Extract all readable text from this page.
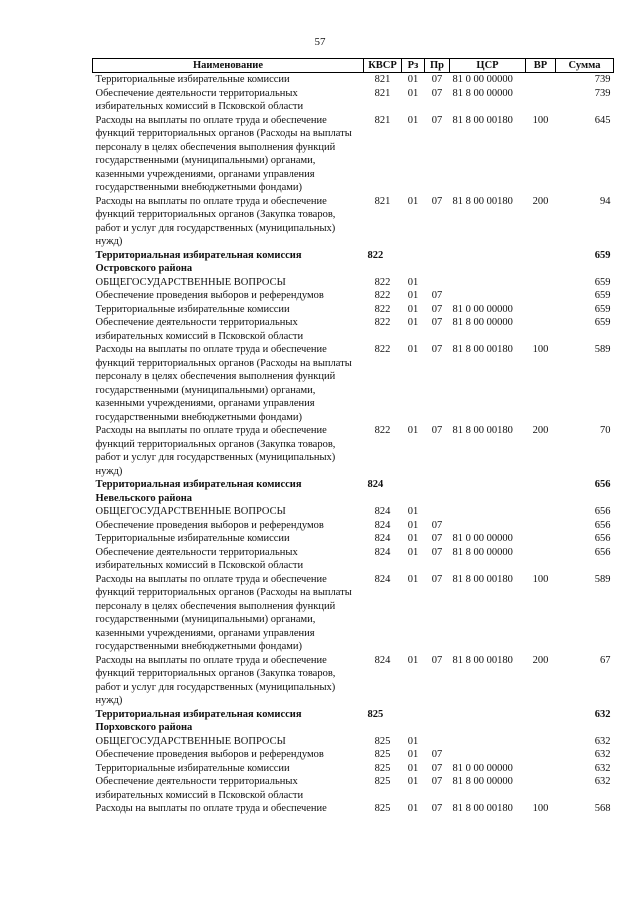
57
Наименование	КВСР	Рз	Пр	ЦСР	ВР	Сумма
Территориальные избирательные комиссии	821	01	07	81 0 00 00000		739
Обеспечение деятельности территориальных избирательных комиссий в Псковской области	821	01	07	81 8 00 00000		739
Расходы на выплаты по оплате труда и обеспечение функций территориальных органов (Расходы на выплаты персоналу в целях обеспечения выполнения функций государственными (муниципальными) органами, казенными учреждениями, органами управления государственными внебюджетными фондами)	821	01	07	81 8 00 00180	100	645
Расходы на выплаты по оплате труда и обеспечение функций территориальных органов (Закупка товаров, работ и услуг для государственных (муниципальных) нужд)	821	01	07	81 8 00 00180	200	94
Территориальная избирательная комиссия Островского района	822					659
ОБЩЕГОСУДАРСТВЕННЫЕ ВОПРОСЫ	822	01				659
Обеспечение проведения выборов и референдумов	822	01	07			659
Территориальные избирательные комиссии	822	01	07	81 0 00 00000		659
Обеспечение деятельности территориальных избирательных комиссий в Псковской области	822	01	07	81 8 00 00000		659
Расходы на выплаты по оплате труда и обеспечение функций территориальных органов (Расходы на выплаты персоналу в целях обеспечения выполнения функций государственными (муниципальными) органами, казенными учреждениями, органами управления государственными внебюджетными фондами)	822	01	07	81 8 00 00180	100	589
Расходы на выплаты по оплате труда и обеспечение функций территориальных органов (Закупка товаров, работ и услуг для государственных (муниципальных) нужд)	822	01	07	81 8 00 00180	200	70
Территориальная избирательная комиссия Невельского района	824					656
ОБЩЕГОСУДАРСТВЕННЫЕ ВОПРОСЫ	824	01				656
Обеспечение проведения выборов и референдумов	824	01	07			656
Территориальные избирательные комиссии	824	01	07	81 0 00 00000		656
Обеспечение деятельности территориальных избирательных комиссий в Псковской области	824	01	07	81 8 00 00000		656
Расходы на выплаты по оплате труда и обеспечение функций территориальных органов (Расходы на выплаты персоналу в целях обеспечения выполнения функций государственными (муниципальными) органами, казенными учреждениями, органами управления государственными внебюджетными фондами)	824	01	07	81 8 00 00180	100	589
Расходы на выплаты по оплате труда и обеспечение функций территориальных органов (Закупка товаров, работ и услуг для государственных (муниципальных) нужд)	824	01	07	81 8 00 00180	200	67
Территориальная избирательная комиссия Порховского района	825					632
ОБЩЕГОСУДАРСТВЕННЫЕ ВОПРОСЫ	825	01				632
Обеспечение проведения выборов и референдумов	825	01	07			632
Территориальные избирательные комиссии	825	01	07	81 0 00 00000		632
Обеспечение деятельности территориальных избирательных комиссий в Псковской области	825	01	07	81 8 00 00000		632
Расходы на выплаты по оплате труда и обеспечение	825	01	07	81 8 00 00180	100	568
